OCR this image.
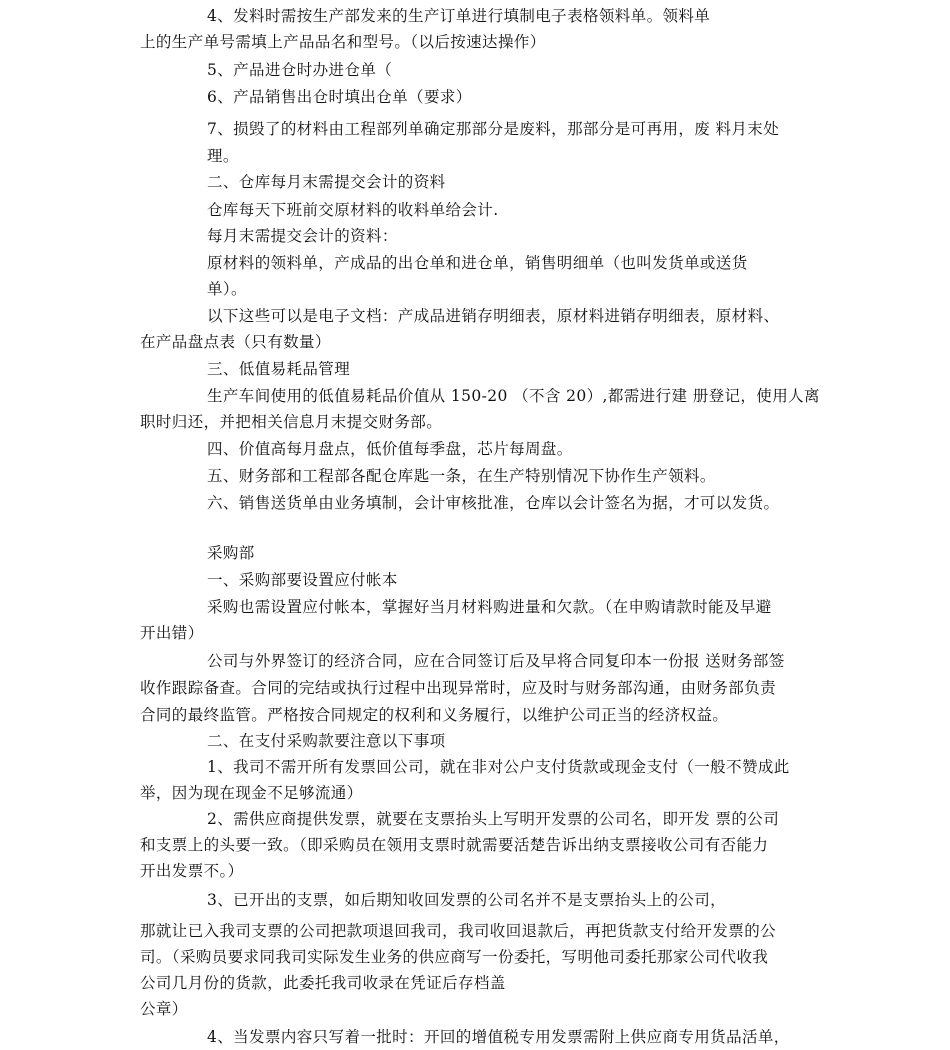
4、发料时需按生产部发来的生产订单进行填制电子表格领料单。领料单
上的生产单号需填上产品品名和型号。（以后按速达操作）
5、产品进仓时办进仓单（
6、产品销售出仓时填出仓单（要求）
7、损毁了的材料由工程部列单确定那部分是废料，那部分是可再用，废 料月末处
理。
二、仓库每月末需提交会计的资料
仓库每天下班前交原材料的收料单给会计.
每月末需提交会计的资料：
原材料的领料单，产成品的出仓单和进仓单，销售明细单（也叫发货单或送货
单）。
以下这些可以是电子文档：产成品进销存明细表，原材料进销存明细表，原材料、
在产品盘点表（只有数量）
三、低值易耗品管理
生产车间使用的低值易耗品价值从 150-20 （不含 20）,都需进行建 册登记，使用人离
职时归还，并把相关信息月末提交财务部。
四、价值高每月盘点，低价值每季盘，芯片每周盘。
五、财务部和工程部各配仓库匙一条，在生产特别情况下协作生产领料。
六、销售送货单由业务填制，会计审核批准，仓库以会计签名为据，才可以发货。
采购部
一、采购部要设置应付帐本
采购也需设置应付帐本，掌握好当月材料购进量和欠款。（在申购请款时能及早避
开出错）
公司与外界签订的经济合同，应在合同签订后及早将合同复印本一份报 送财务部签
收作跟踪备查。合同的完结或执行过程中出现异常时，应及时与财务部沟通，由财务部负责
合同的最终监管。严格按合同规定的权利和义务履行，以维护公司正当的经济权益。
二、在支付采购款要注意以下事项
1、我司不需开所有发票回公司，就在非对公户支付货款或现金支付（一般不赞成此
举，因为现在现金不足够流通）
2、需供应商提供发票，就要在支票抬头上写明开发票的公司名，即开发 票的公司
和支票上的头要一致。（即采购员在领用支票时就需要活楚告诉出纳支票接收公司有否能力
开出发票不。）
3、已开出的支票，如后期知收回发票的公司名并不是支票抬头上的公司，
那就让已入我司支票的公司把款项退回我司，我司收回退款后，再把货款支付给开发票的公
司。（采购员要求同我司实际发生业务的供应商写一份委托，写明他司委托那家公司代收我
公司几月份的货款，此委托我司收录在凭证后存档盖
公章）
4、当发票内容只写着一批时：开回的增值税专用发票需附上供应商专用货品活单，
